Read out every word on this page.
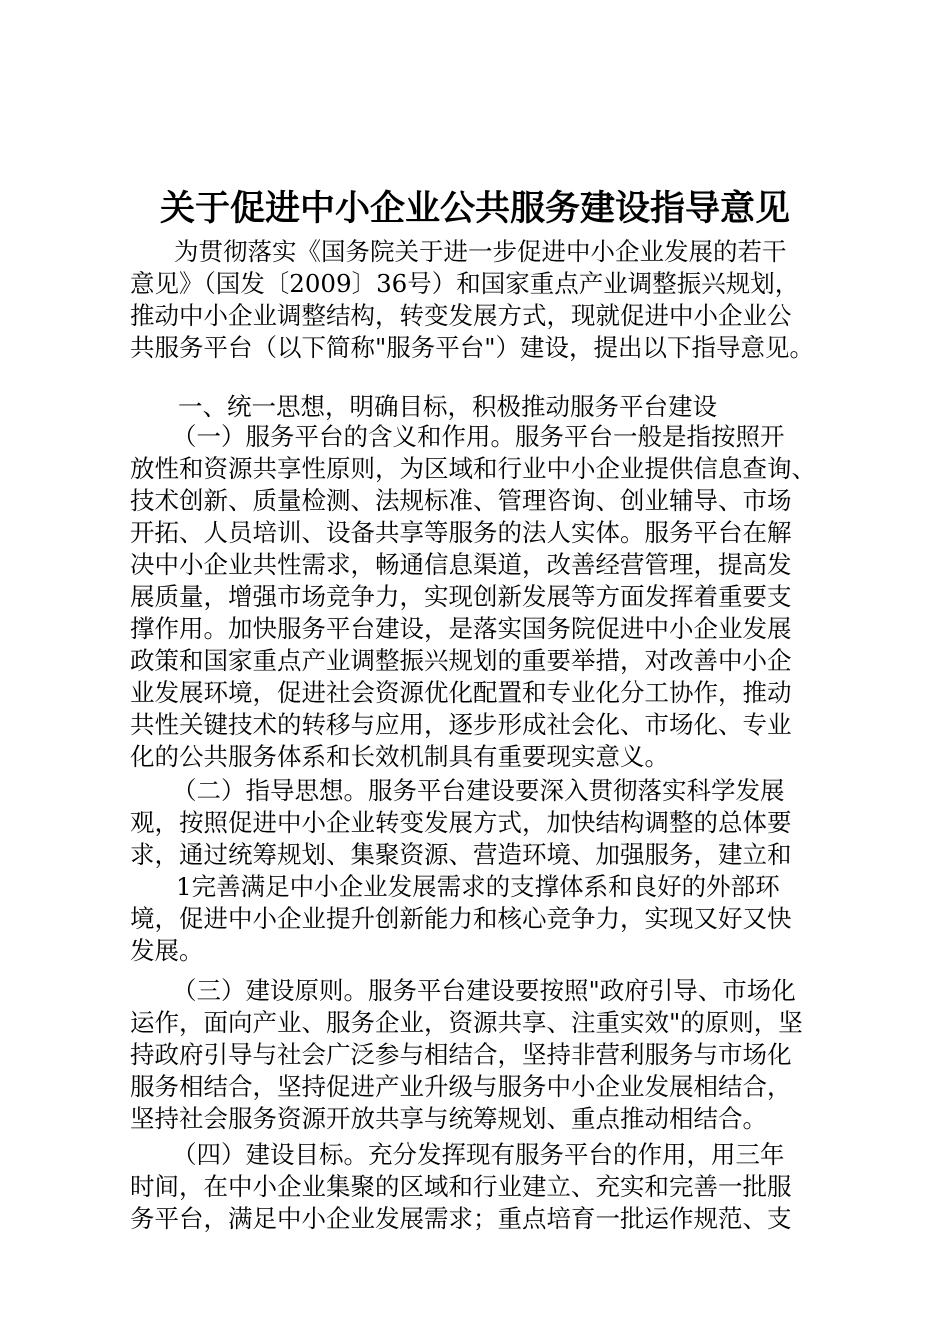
关于促进中小企业公共服务建设指导意见
为贯彻落实《国务院关于进一步促进中小企业发展的若干
意见》（国发〔2009〕36号）和国家重点产业调整振兴规划，
推动中小企业调整结构，转变发展方式，现就促进中小企业公
共服务平台（以下简称"服务平台"）建设，提出以下指导意见。
一、统一思想，明确目标，积极推动服务平台建设
（一）服务平台的含义和作用。服务平台一般是指按照开
放性和资源共享性原则，为区域和行业中小企业提供信息查询、
技术创新、质量检测、法规标准、管理咨询、创业辅导、市场
开拓、人员培训、设备共享等服务的法人实体。服务平台在解
决中小企业共性需求，畅通信息渠道，改善经营管理，提高发
展质量，增强市场竞争力，实现创新发展等方面发挥着重要支
撑作用。加快服务平台建设，是落实国务院促进中小企业发展
政策和国家重点产业调整振兴规划的重要举措，对改善中小企
业发展环境，促进社会资源优化配置和专业化分工协作，推动
共性关键技术的转移与应用，逐步形成社会化、市场化、专业
化的公共服务体系和长效机制具有重要现实意义。
（二）指导思想。服务平台建设要深入贯彻落实科学发展
观，按照促进中小企业转变发展方式，加快结构调整的总体要
求，通过统筹规划、集聚资源、营造环境、加强服务，建立和
1完善满足中小企业发展需求的支撑体系和良好的外部环
境，促进中小企业提升创新能力和核心竞争力，实现又好又快
发展。
（三）建设原则。服务平台建设要按照"政府引导、市场化
运作，面向产业、服务企业，资源共享、注重实效"的原则，坚
持政府引导与社会广泛参与相结合，坚持非营利服务与市场化
服务相结合，坚持促进产业升级与服务中小企业发展相结合，
坚持社会服务资源开放共享与统筹规划、重点推动相结合。
（四）建设目标。充分发挥现有服务平台的作用，用三年
时间，在中小企业集聚的区域和行业建立、充实和完善一批服
务平台，满足中小企业发展需求；重点培育一批运作规范、支
